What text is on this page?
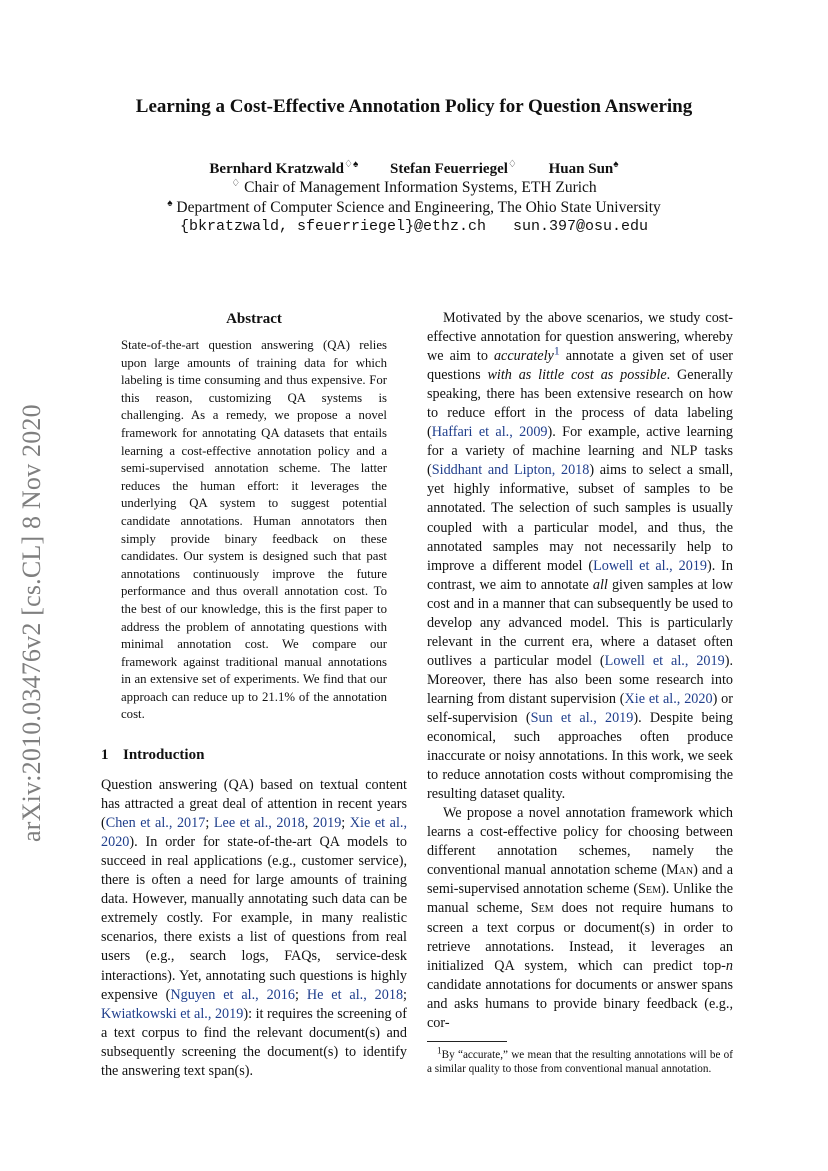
arXiv:2010.03476v2 [cs.CL] 8 Nov 2020
Learning a Cost-Effective Annotation Policy for Question Answering
Bernhard Kratzwald♢♠ Stefan Feuerriegel♢ Huan Sun♠
♢ Chair of Management Information Systems, ETH Zurich
♠ Department of Computer Science and Engineering, The Ohio State University
{bkratzwald, sfeuerriegel}@ethz.ch   sun.397@osu.edu
Abstract

State-of-the-art question answering (QA) relies upon large amounts of training data for which labeling is time consuming and thus expensive. For this reason, customizing QA systems is challenging. As a remedy, we propose a novel framework for annotating QA datasets that entails learning a cost-effective annotation policy and a semi-supervised annotation scheme. The latter reduces the human effort: it leverages the underlying QA system to suggest potential candidate annotations. Human annotators then simply provide binary feedback on these candidates. Our system is designed such that past annotations continuously improve the future performance and thus overall annotation cost. To the best of our knowledge, this is the first paper to address the problem of annotating questions with minimal annotation cost. We compare our framework against traditional manual annotations in an extensive set of experiments. We find that our approach can reduce up to 21.1% of the annotation cost.

1 Introduction

Question answering (QA) based on textual content has attracted a great deal of attention in recent years (Chen et al., 2017; Lee et al., 2018, 2019; Xie et al., 2020). In order for state-of-the-art QA models to succeed in real applications (e.g., customer service), there is often a need for large amounts of training data. However, manually annotating such data can be extremely costly. For example, in many realistic scenarios, there exists a list of questions from real users (e.g., search logs, FAQs, service-desk interactions). Yet, annotating such questions is highly expensive (Nguyen et al., 2016; He et al., 2018; Kwiatkowski et al., 2019): it requires the screening of a text corpus to find the relevant document(s) and subsequently screening the document(s) to identify the answering text span(s).

Motivated by the above scenarios, we study cost-effective annotation for question answering, whereby we aim to accurately$^1$ annotate a given set of user questions with as little cost as possible. Generally speaking, there has been extensive research on how to reduce effort in the process of data labeling (Haffari et al., 2009). For example, active learning for a variety of machine learning and NLP tasks (Siddhant and Lipton, 2018) aims to select a small, yet highly informative, subset of samples to be annotated. The selection of such samples is usually coupled with a particular model, and thus, the annotated samples may not necessarily help to improve a different model (Lowell et al., 2019). In contrast, we aim to annotate all given samples at low cost and in a manner that can subsequently be used to develop any advanced model. This is particularly relevant in the current era, where a dataset often outlives a particular model (Lowell et al., 2019). Moreover, there has also been some research into learning from distant supervision (Xie et al., 2020) or self-supervision (Sun et al., 2019). Despite being economical, such approaches often produce inaccurate or noisy annotations. In this work, we seek to reduce annotation costs without compromising the resulting dataset quality.

We propose a novel annotation framework which learns a cost-effective policy for choosing between different annotation schemes, namely the conventional manual annotation scheme (Man) and a semi-supervised annotation scheme (Sem). Unlike the manual scheme, Sem does not require humans to screen a text corpus or document(s) in order to retrieve annotations. Instead, it leverages an initialized QA system, which can predict top-n candidate annotations for documents or answer spans and asks humans to provide binary feedback (e.g., cor-

$^1$By “accurate,” we mean that the resulting annotations will be of a similar quality to those from conventional manual annotation.
